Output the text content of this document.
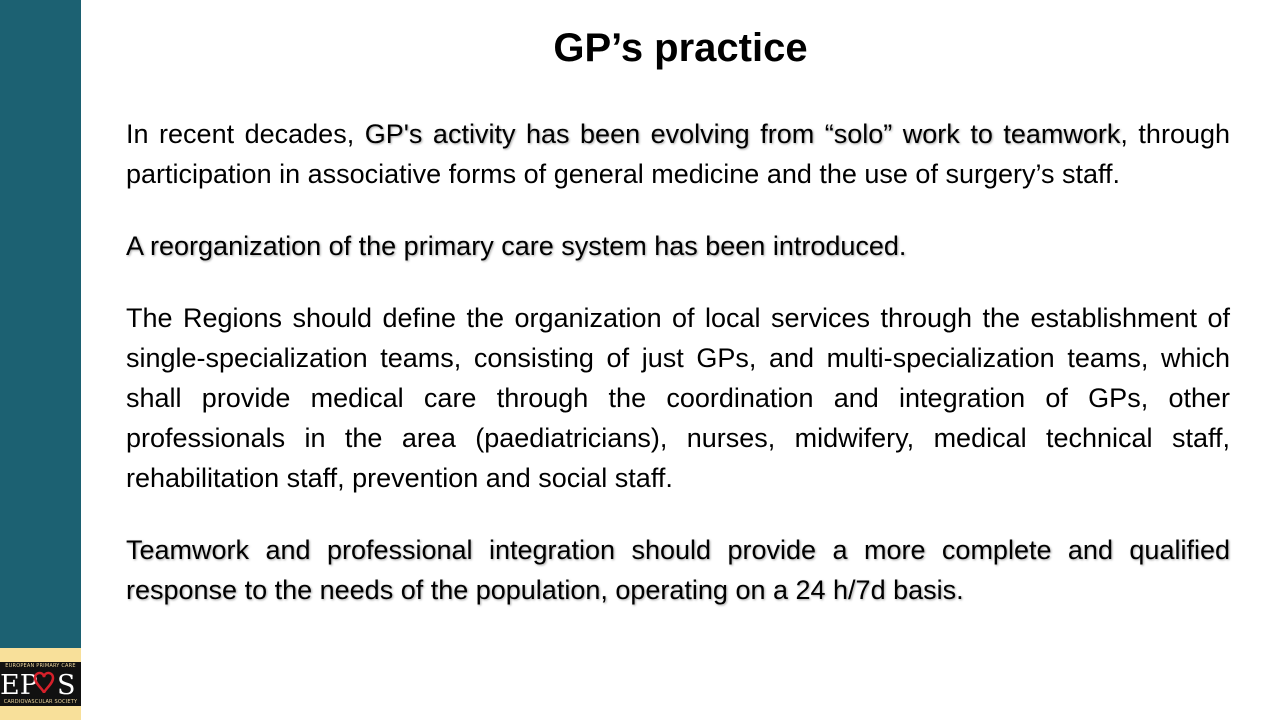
EUROPEAN PRIMARY CARE
EP S
CARDIOVASCULAR SOCIETY
GP’s practice

In recent decades, GP's activity has been evolving from “solo” work to teamwork, through participation in associative forms of general medicine and the use of surgery’s staff.

A reorganization of the primary care system has been introduced.

The Regions should define the organization of local services through the establishment of single-specialization teams, consisting of just GPs, and multi-specialization teams, which shall provide medical care through the coordination and integration of GPs, other professionals in the area (paediatricians), nurses, midwifery, medical technical staff, rehabilitation staff, prevention and social staff.

Teamwork and professional integration should provide a more complete and qualified response to the needs of the population, operating on a 24 h/7d basis.
